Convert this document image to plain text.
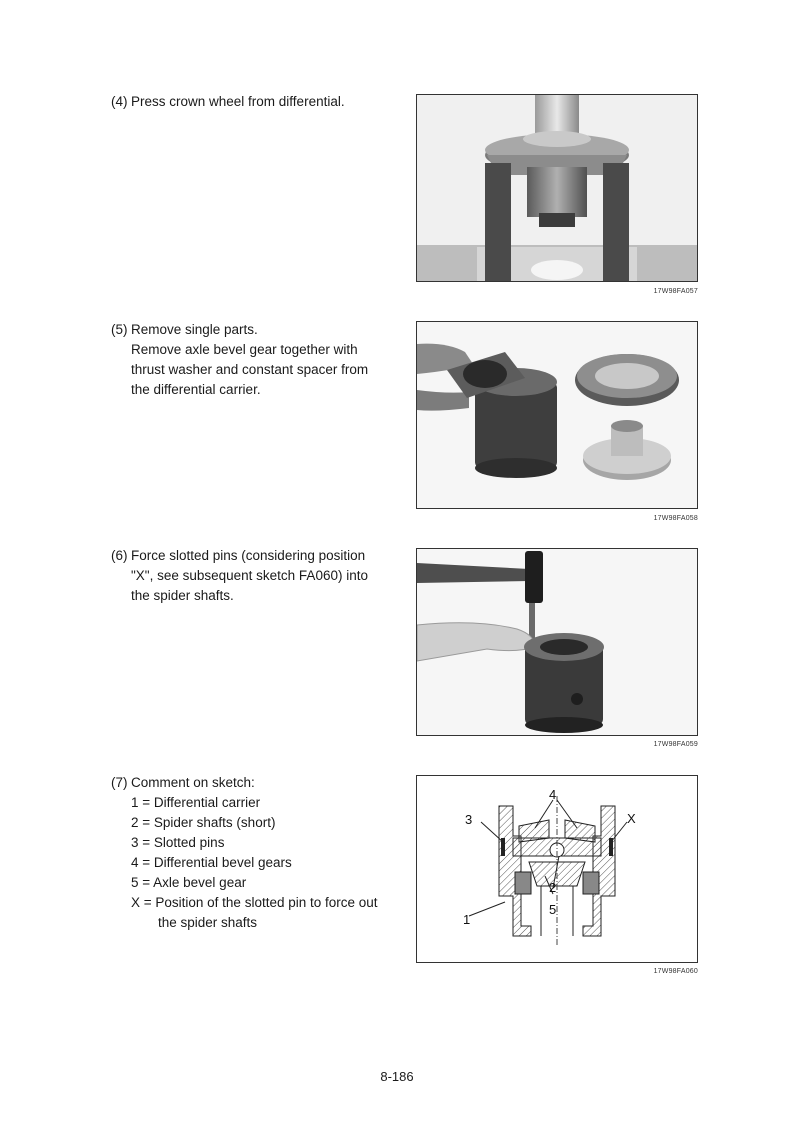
(4) Press crown wheel from differential.

17W98FA057

(5) Remove single parts.

Remove axle bevel gear together with

thrust washer and constant spacer from

the differential carrier.

17W98FA058

(6) Force slotted pins (considering position

"X", see subsequent sketch FA060) into

the spider shafts.

17W98FA059

(7) Comment on sketch:

1 = Differential carrier

2 = Spider shafts (short)

3 = Slotted pins

4 = Differential bevel gears

5 = Axle bevel gear

X = Position of the slotted pin to force out

the spider shafts

4
3	X
2
5
1
17W98FA060
8-186
